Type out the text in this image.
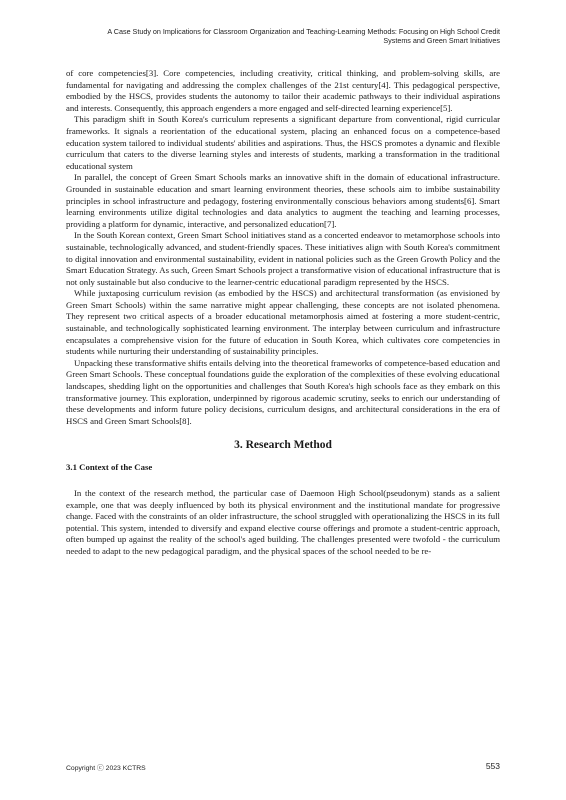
A Case Study on Implications for Classroom Organization and Teaching-Learning Methods: Focusing on High School Credit
Systems and Green Smart Initiatives

of core competencies[3]. Core competencies, including creativity, critical thinking, and problem-solving skills, are fundamental for navigating and addressing the complex challenges of the 21st century[4]. This pedagogical perspective, embodied by the HSCS, provides students the autonomy to tailor their academic pathways to their individual aspirations and interests. Consequently, this approach engenders a more engaged and self-directed learning experience[5].

This paradigm shift in South Korea's curriculum represents a significant departure from conventional, rigid curricular frameworks. It signals a reorientation of the educational system, placing an enhanced focus on a competence-based education system tailored to individual students' abilities and aspirations. Thus, the HSCS promotes a dynamic and flexible curriculum that caters to the diverse learning styles and interests of students, marking a transformation in the traditional educational system

In parallel, the concept of Green Smart Schools marks an innovative shift in the domain of educational infrastructure. Grounded in sustainable education and smart learning environment theories, these schools aim to imbibe sustainability principles in school infrastructure and pedagogy, fostering environmentally conscious behaviors among students[6]. Smart learning environments utilize digital technologies and data analytics to augment the teaching and learning processes, providing a platform for dynamic, interactive, and personalized education[7].

In the South Korean context, Green Smart School initiatives stand as a concerted endeavor to metamorphose schools into sustainable, technologically advanced, and student-friendly spaces. These initiatives align with South Korea's commitment to digital innovation and environmental sustainability, evident in national policies such as the Green Growth Policy and the Smart Education Strategy. As such, Green Smart Schools project a transformative vision of educational infrastructure that is not only sustainable but also conducive to the learner-centric educational paradigm represented by the HSCS.

While juxtaposing curriculum revision (as embodied by the HSCS) and architectural transformation (as envisioned by Green Smart Schools) within the same narrative might appear challenging, these concepts are not isolated phenomena. They represent two critical aspects of a broader educational metamorphosis aimed at fostering a more student-centric, sustainable, and technologically sophisticated learning environment. The interplay between curriculum and infrastructure encapsulates a comprehensive vision for the future of education in South Korea, which cultivates core competencies in students while nurturing their understanding of sustainability principles.

Unpacking these transformative shifts entails delving into the theoretical frameworks of competence-based education and Green Smart Schools. These conceptual foundations guide the exploration of the complexities of these evolving educational landscapes, shedding light on the opportunities and challenges that South Korea's high schools face as they embark on this transformative journey. This exploration, underpinned by rigorous academic scrutiny, seeks to enrich our understanding of these developments and inform future policy decisions, curriculum designs, and architectural considerations in the era of HSCS and Green Smart Schools[8].

3. Research Method
3.1 Context of the Case

In the context of the research method, the particular case of Daemoon High School(pseudonym) stands as a salient example, one that was deeply influenced by both its physical environment and the institutional mandate for progressive change. Faced with the constraints of an older infrastructure, the school struggled with operationalizing the HSCS in its full potential. This system, intended to diversify and expand elective course offerings and promote a student-centric approach, often bumped up against the reality of the school's aged building. The challenges presented were twofold - the curriculum needed to adapt to the new pedagogical paradigm, and the physical spaces of the school needed to be re-

Copyright ⓒ 2023 KCTRS	553
